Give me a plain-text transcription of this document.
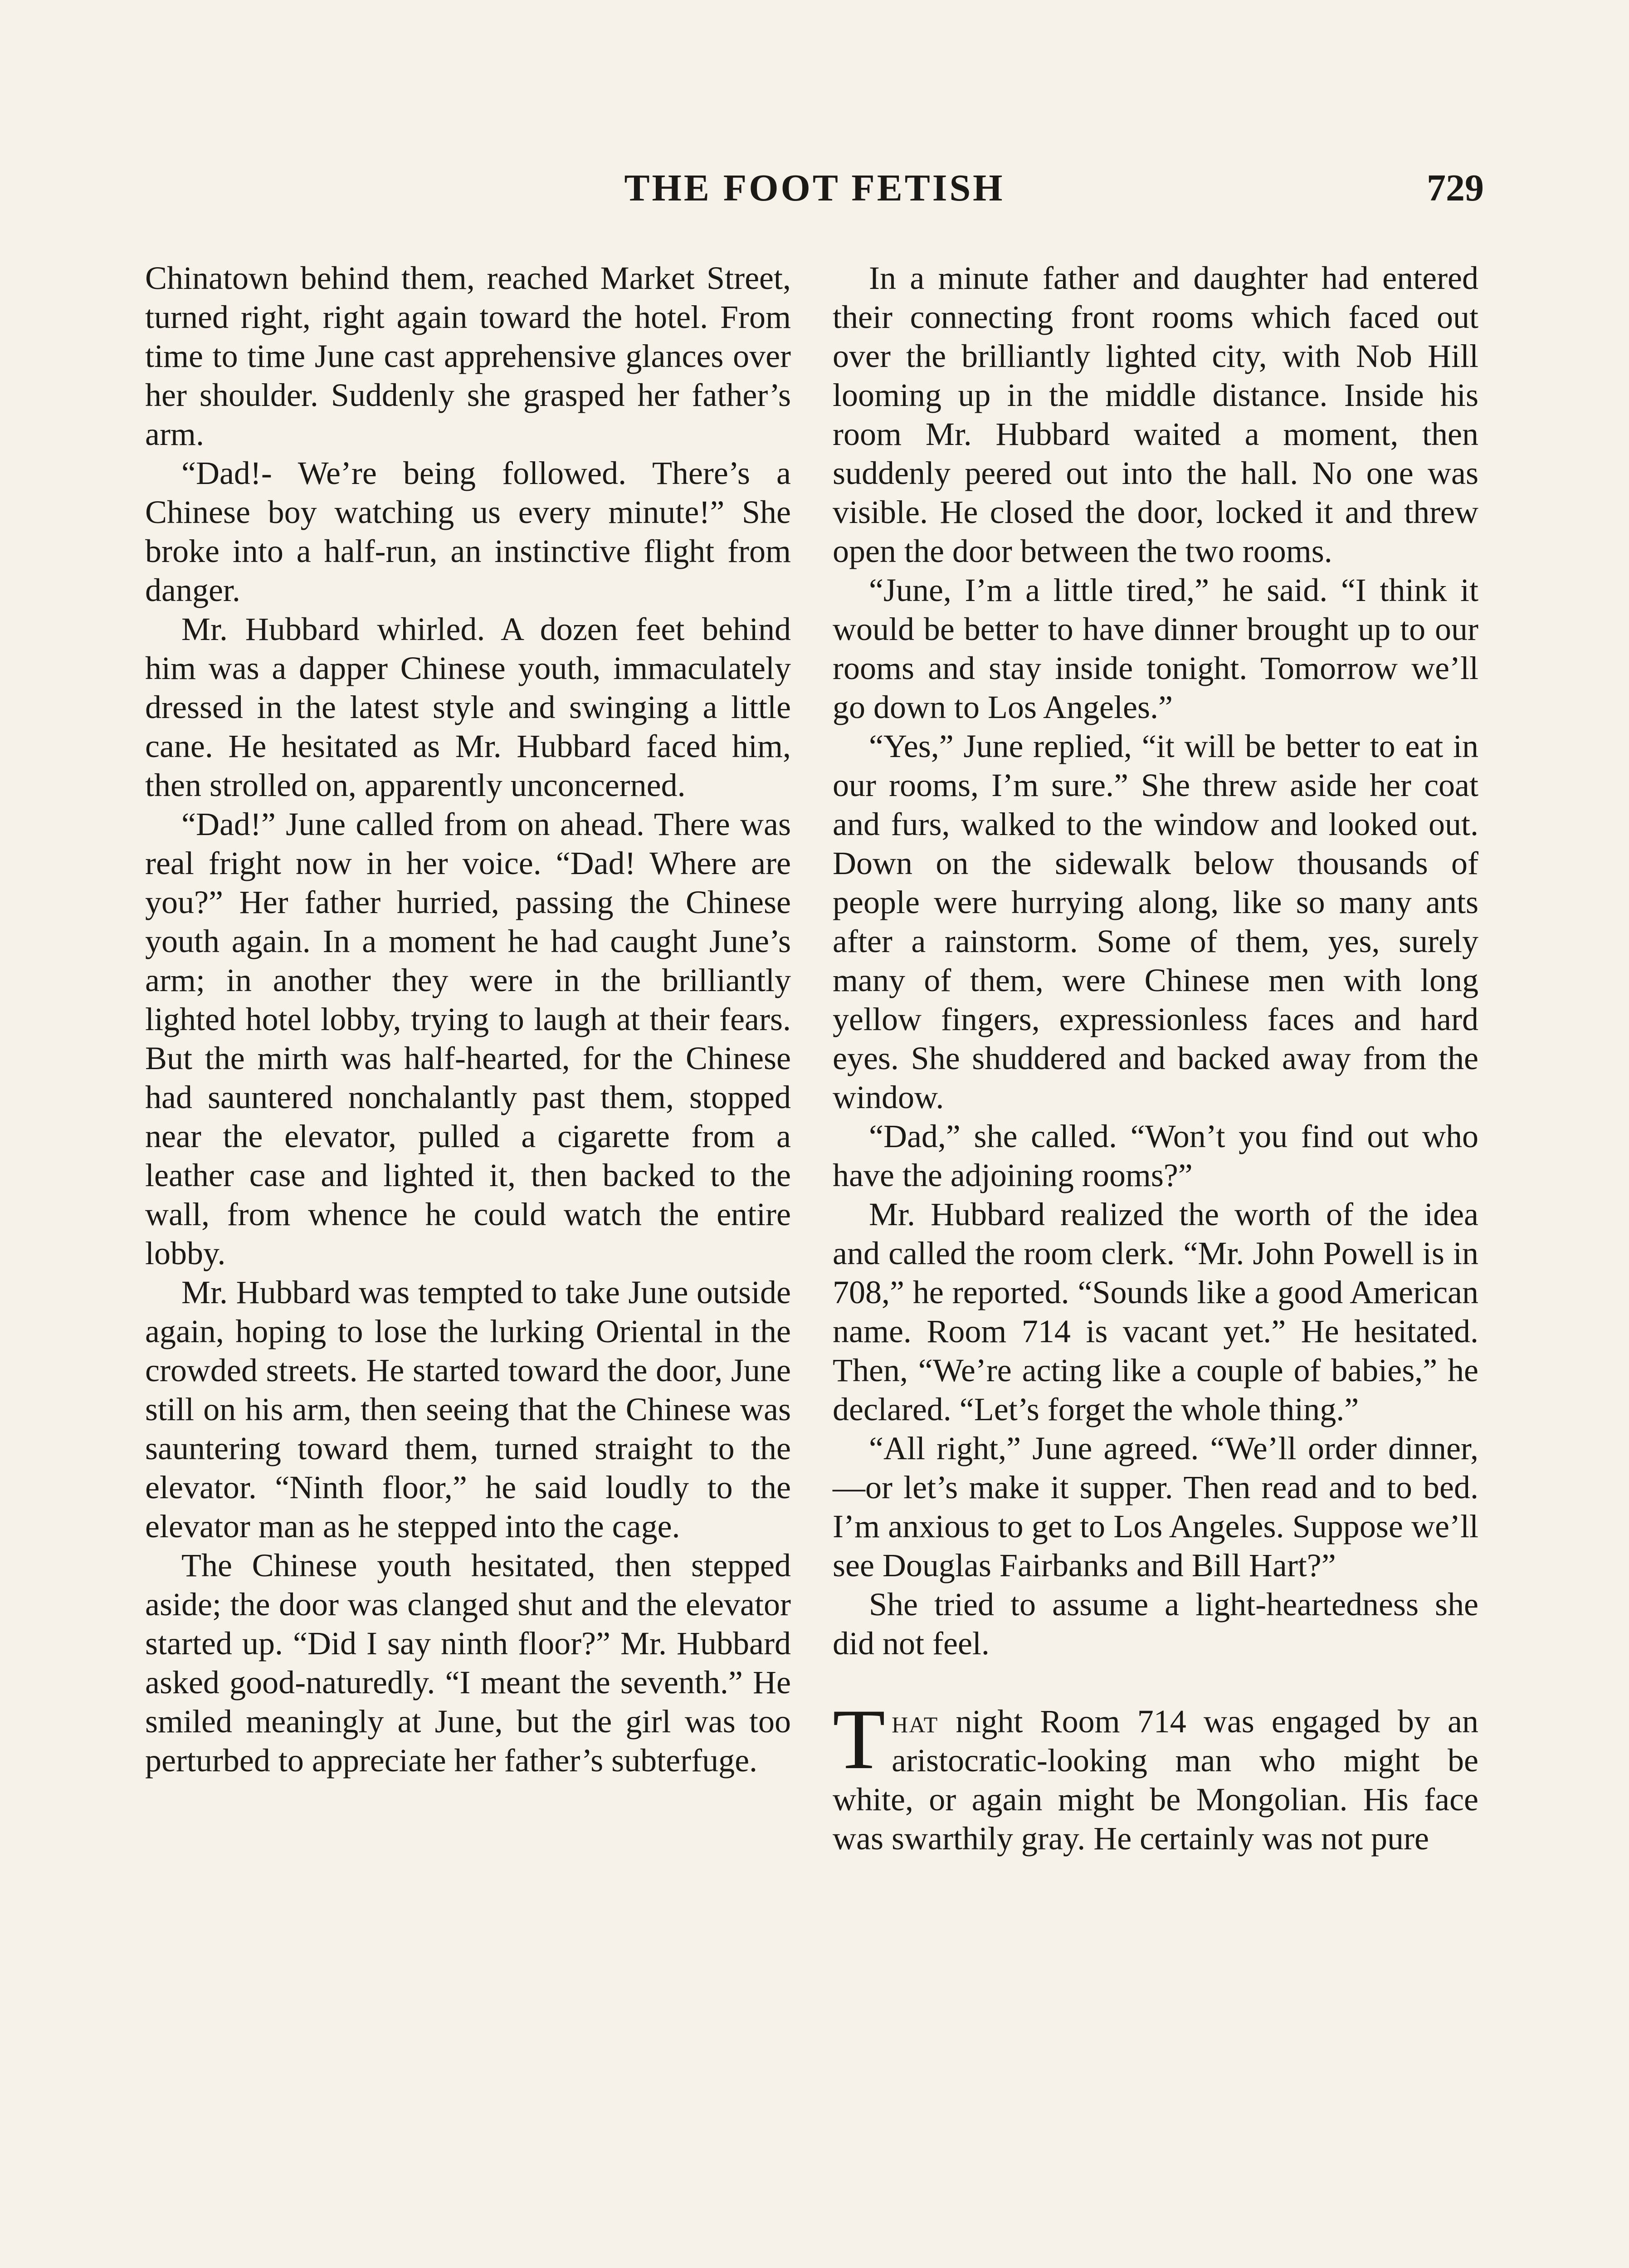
THE FOOT FETISH	729

Chinatown behind them, reached Market Street, turned right, right again toward the hotel. From time to time June cast apprehensive glances over her shoulder. Suddenly she grasped her father’s arm.

“Dad!- We’re being followed. There’s a Chinese boy watching us every minute!” She broke into a half-run, an instinctive flight from danger.

Mr. Hubbard whirled. A dozen feet behind him was a dapper Chinese youth, immaculately dressed in the latest style and swinging a little cane. He hesitated as Mr. Hubbard faced him, then strolled on, apparently unconcerned.

“Dad!” June called from on ahead. There was real fright now in her voice. “Dad! Where are you?” Her father hurried, passing the Chinese youth again. In a moment he had caught June’s arm; in another they were in the brilliantly lighted hotel lobby, trying to laugh at their fears. But the mirth was half-hearted, for the Chinese had sauntered nonchalantly past them, stopped near the elevator, pulled a cigarette from a leather case and lighted it, then backed to the wall, from whence he could watch the entire lobby.

Mr. Hubbard was tempted to take June outside again, hoping to lose the lurking Oriental in the crowded streets. He started toward the door, June still on his arm, then seeing that the Chinese was sauntering toward them, turned straight to the elevator. “Ninth floor,” he said loudly to the elevator man as he stepped into the cage.

The Chinese youth hesitated, then stepped aside; the door was clanged shut and the elevator started up. “Did I say ninth floor?” Mr. Hubbard asked good-naturedly. “I meant the seventh.” He smiled meaningly at June, but the girl was too perturbed to appreciate her father’s subterfuge.

In a minute father and daughter had entered their connecting front rooms which faced out over the brilliantly lighted city, with Nob Hill looming up in the middle distance. Inside his room Mr. Hubbard waited a moment, then suddenly peered out into the hall. No one was visible. He closed the door, locked it and threw open the door between the two rooms.

“June, I’m a little tired,” he said. “I think it would be better to have dinner brought up to our rooms and stay inside tonight. Tomorrow we’ll go down to Los Angeles.”

“Yes,” June replied, “it will be better to eat in our rooms, I’m sure.” She threw aside her coat and furs, walked to the window and looked out. Down on the sidewalk below thousands of people were hurrying along, like so many ants after a rainstorm. Some of them, yes, surely many of them, were Chinese men with long yellow fingers, expressionless faces and hard eyes. She shuddered and backed away from the window.

“Dad,” she called. “Won’t you find out who have the adjoining rooms?”

Mr. Hubbard realized the worth of the idea and called the room clerk. “Mr. John Powell is in 708,” he reported. “Sounds like a good American name. Room 714 is vacant yet.” He hesitated. Then, “We’re acting like a couple of babies,” he declared. “Let’s forget the whole thing.”

“All right,” June agreed. “We’ll order dinner,—or let’s make it supper. Then read and to bed. I’m anxious to get to Los Angeles. Suppose we’ll see Douglas Fairbanks and Bill Hart?”

She tried to assume a light-heartedness she did not feel.

That night Room 714 was engaged by an aristocratic-looking man who might be white, or again might be Mongolian. His face was swarthily gray. He certainly was not pure
